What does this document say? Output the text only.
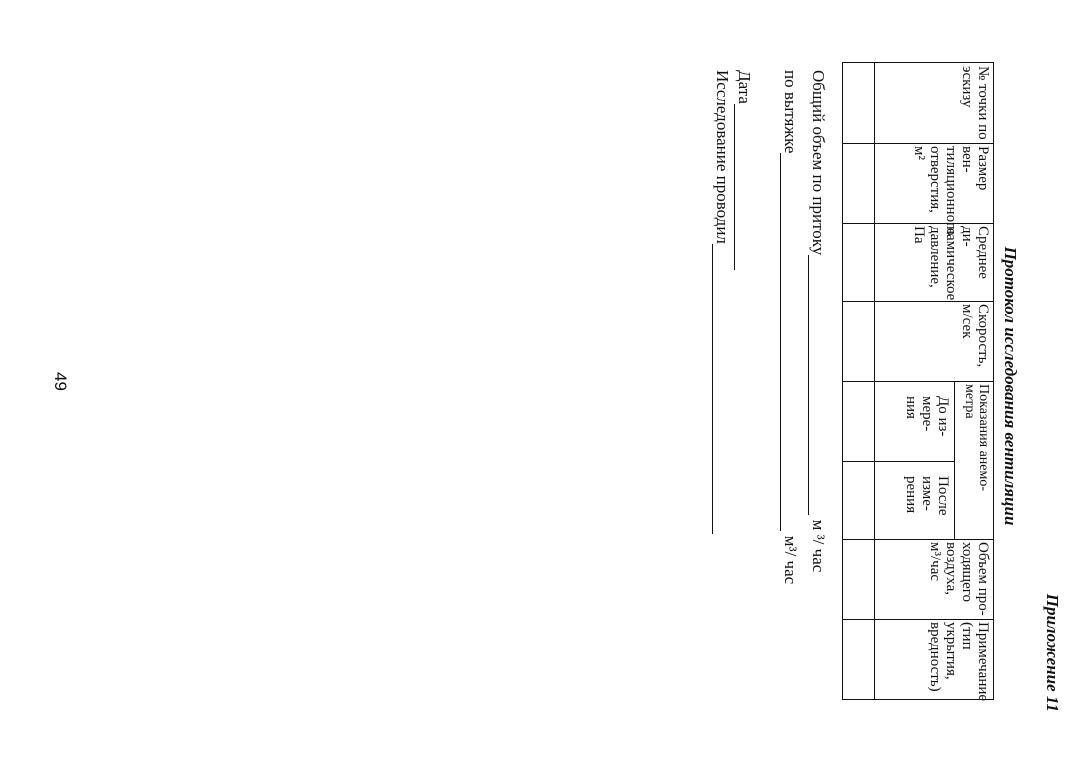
Приложение 11
Протокол исследования вентиляции
№ точки по
эскизу
Размер вен-
тиляционного
отверстия, м²
Среднее ди-
намическое
давление, Па
Скорость,
м/сек
Показания анемо-
метра
До из-
мере-
ния
После
изме-
рения
Объем про-
ходящего
воздуха,
м³/час
Примечание
(тип укрытия,
вредность)
Общий объем по притоку м ³/ час
по вытяжке м³/ час
Дата
Исследование проводил
49
